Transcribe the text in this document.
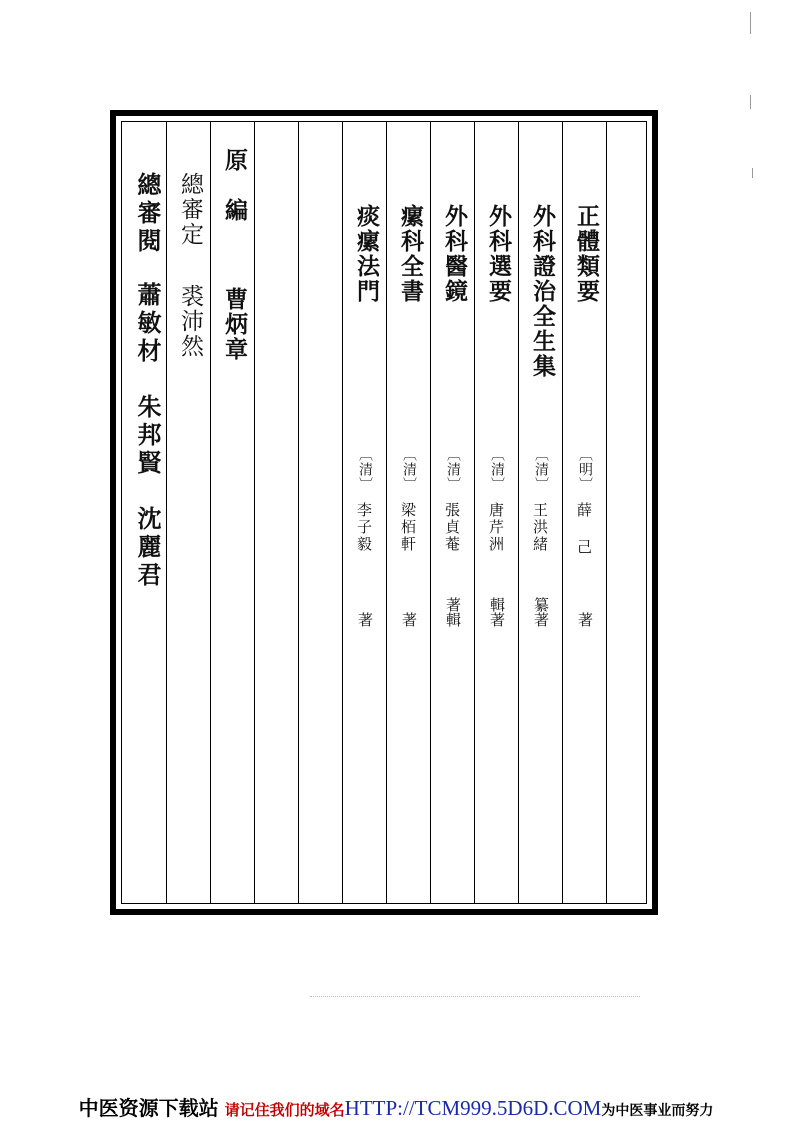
正體類要
〔明〕
薛 己
著
外科證治全生集
〔清〕
王洪緒
纂著
外科選要
〔清〕
唐芹洲
輯著
外科醫鏡
〔清〕
張貞菴
著輯
瘰科全書
〔清〕
梁栢軒
著
痰瘰法門
〔清〕
李子毅
著
原　編
曹炳章
總審定
裘沛然
總審閱
蕭敏材　朱邦賢　沈麗君
中医资源下载站 请记住我们的域名 HTTP://TCM999.5D6D.COM 为中医事业而努力
